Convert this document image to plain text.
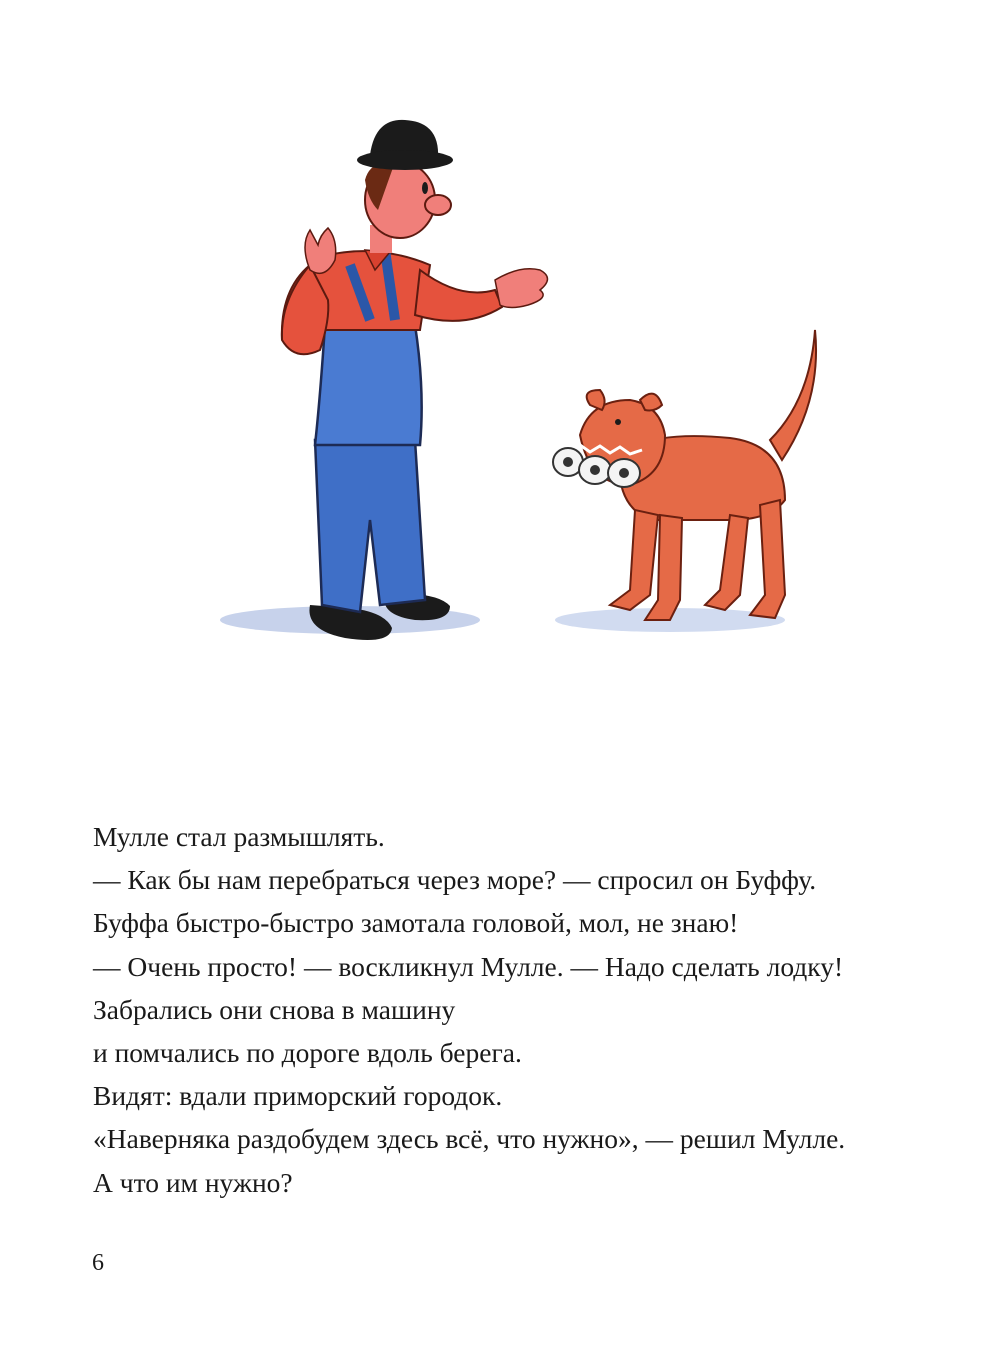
Мулле стал размышлять.

— Как бы нам перебраться через море? — спросил он Буффу.

Буффа быстро-быстро замотала головой, мол, не знаю!

— Очень просто! — воскликнул Мулле. — Надо сделать лодку!

Забрались они снова в машину

и помчались по дороге вдоль берега.

Видят: вдали приморский городок.

«Наверняка раздобудем здесь всё, что нужно», — решил Мулле.

А что им нужно?

6
